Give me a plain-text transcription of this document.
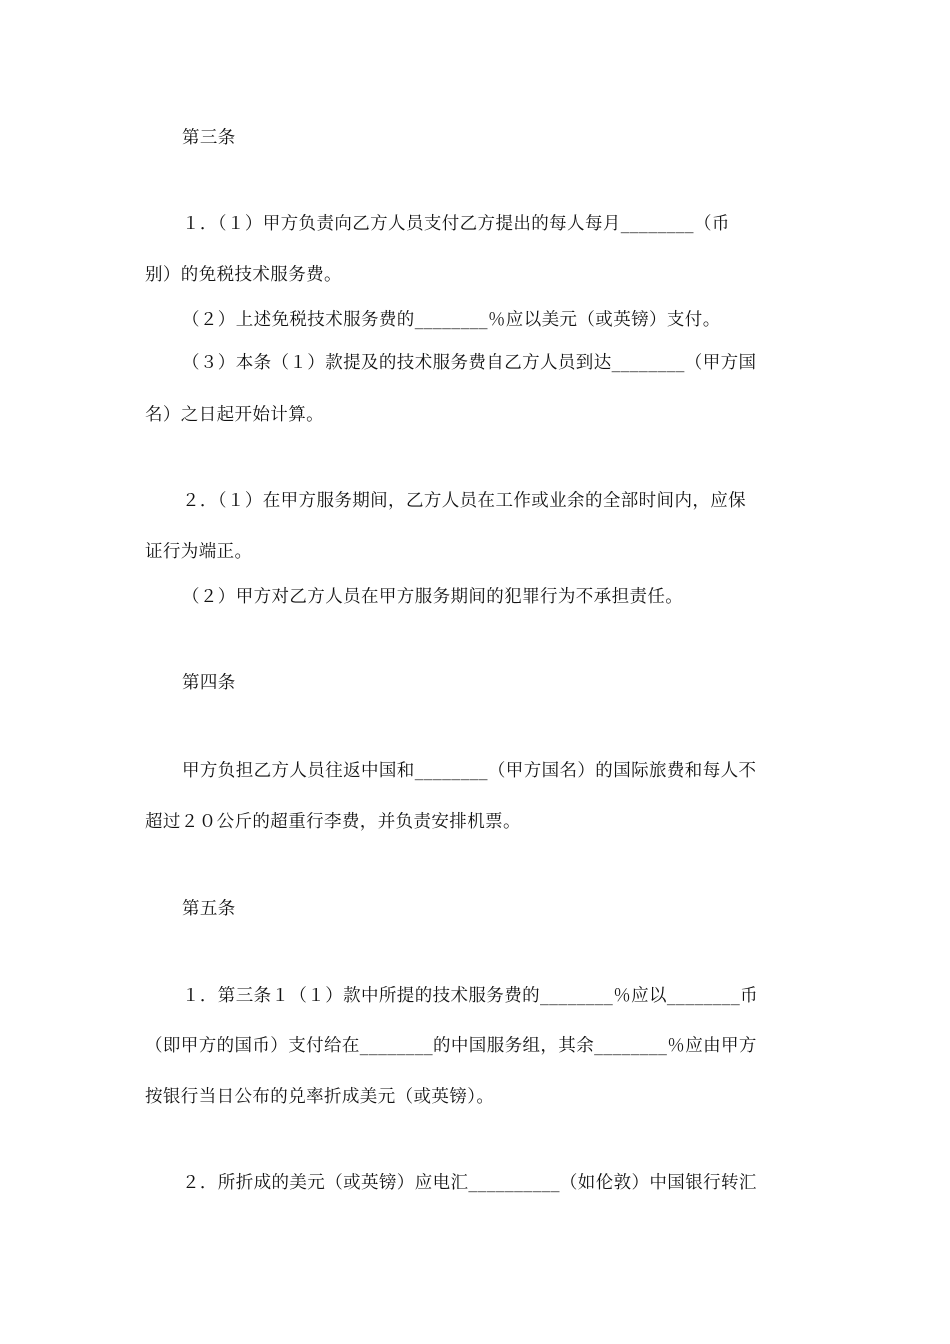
第三条
１．（１）甲方负责向乙方人员支付乙方提出的每人每月________（币
别）的免税技术服务费。
（２）上述免税技术服务费的________％应以美元（或英镑）支付。
（３）本条（１）款提及的技术服务费自乙方人员到达________（甲方国
名）之日起开始计算。
２．（１）在甲方服务期间，乙方人员在工作或业余的全部时间内，应保
证行为端正。
（２）甲方对乙方人员在甲方服务期间的犯罪行为不承担责任。
第四条
甲方负担乙方人员往返中国和________（甲方国名）的国际旅费和每人不
超过２０公斤的超重行李费，并负责安排机票。
第五条
１．第三条１（１）款中所提的技术服务费的________％应以________币
（即甲方的国币）支付给在________的中国服务组，其余________％应由甲方
按银行当日公布的兑率折成美元（或英镑）。
２．所折成的美元（或英镑）应电汇__________（如伦敦）中国银行转汇
